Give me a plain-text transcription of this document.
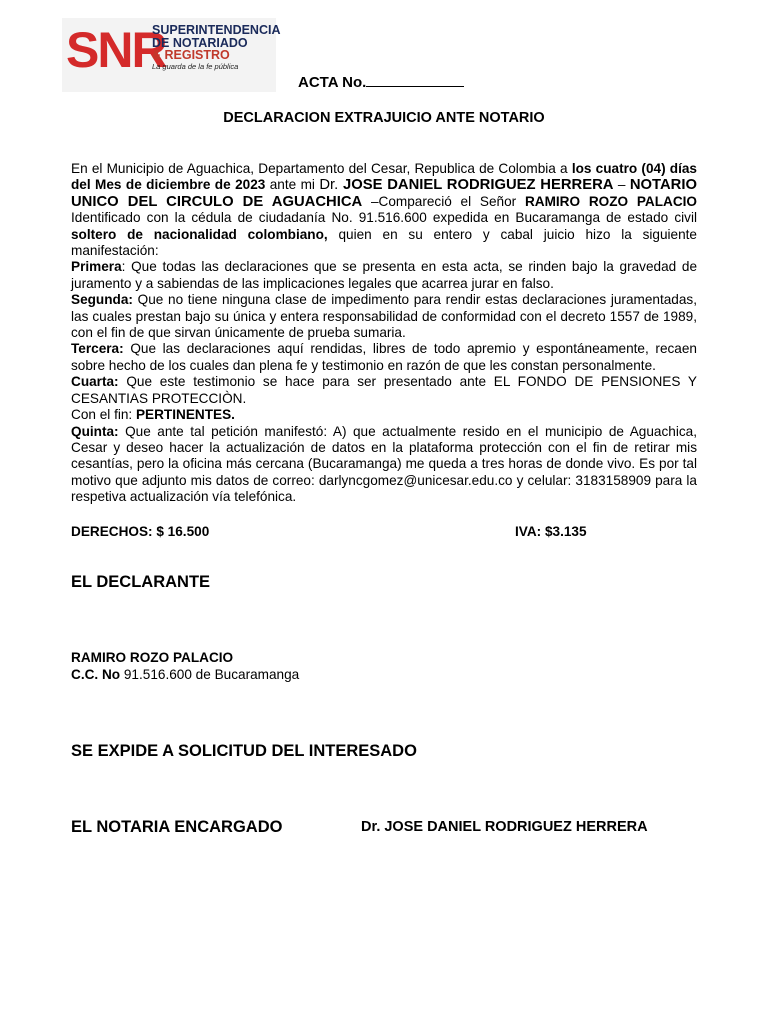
SNR
SUPERINTENDENCIA
DE NOTARIADO
& REGISTRO
La guarda de la fe pública
ACTA No.
DECLARACION EXTRAJUICIO ANTE NOTARIO

En el Municipio de Aguachica, Departamento del Cesar, Republica de Colombia a los cuatro (04) días del Mes de diciembre de 2023 ante mi Dr. JOSE DANIEL RODRIGUEZ HERRERA – NOTARIO UNICO DEL CIRCULO DE AGUACHICA –Compareció el Señor RAMIRO ROZO PALACIO Identificado con la cédula de ciudadanía No. 91.516.600 expedida en Bucaramanga de estado civil soltero de nacionalidad colombiano, quien en su entero y cabal juicio hizo la siguiente manifestación:

Primera: Que todas las declaraciones que se presenta en esta acta, se rinden bajo la gravedad de juramento y a sabiendas de las implicaciones legales que acarrea jurar en falso.

Segunda: Que no tiene ninguna clase de impedimento para rendir estas declaraciones juramentadas, las cuales prestan bajo su única y entera responsabilidad de conformidad con el decreto 1557 de 1989, con el fin de que sirvan únicamente de prueba sumaria.

Tercera: Que las declaraciones aquí rendidas, libres de todo apremio y espontáneamente, recaen sobre hecho de los cuales dan plena fe y testimonio en razón de que les constan personalmente.

Cuarta: Que este testimonio se hace para ser presentado ante EL FONDO DE PENSIONES Y CESANTIAS PROTECCIÒN.

Con el fin: PERTINENTES.

Quinta: Que ante tal petición manifestó: A) que actualmente resido en el municipio de Aguachica, Cesar y deseo hacer la actualización de datos en la plataforma protección con el fin de retirar mis cesantías, pero la oficina más cercana (Bucaramanga) me queda a tres horas de donde vivo. Es por tal motivo que adjunto mis datos de correo: darlyncgomez@unicesar.edu.co y celular: 3183158909 para la respetiva actualización vía telefónica.

DERECHOS: $ 16.500	IVA: $3.135
EL DECLARANTE
RAMIRO ROZO PALACIO
C.C. No 91.516.600 de Bucaramanga
SE EXPIDE A SOLICITUD DEL INTERESADO
EL NOTARIA ENCARGADO	Dr. JOSE DANIEL RODRIGUEZ HERRERA
